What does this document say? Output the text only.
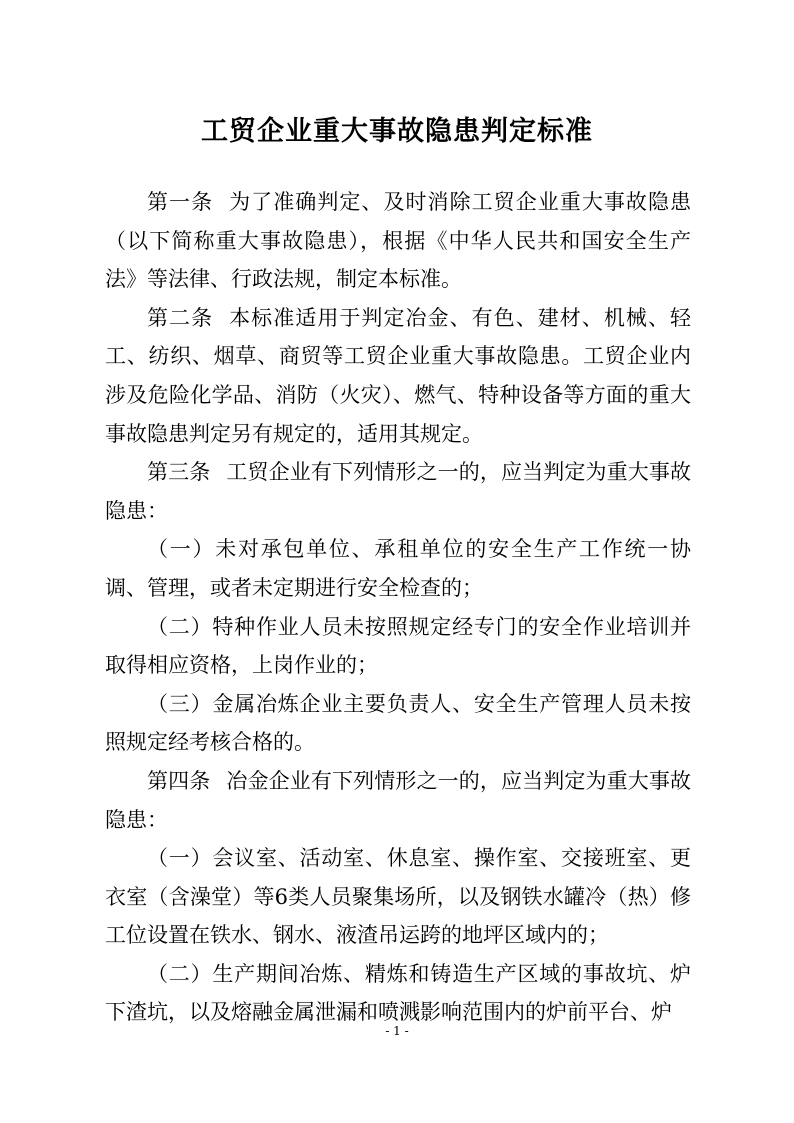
工贸企业重大事故隐患判定标准

第一条 为了准确判定、及时消除工贸企业重大事故隐患（以下简称重大事故隐患），根据《中华人民共和国安全生产法》等法律、行政法规，制定本标准。

第二条 本标准适用于判定冶金、有色、建材、机械、轻工、纺织、烟草、商贸等工贸企业重大事故隐患。工贸企业内涉及危险化学品、消防（火灾）、燃气、特种设备等方面的重大事故隐患判定另有规定的，适用其规定。

第三条 工贸企业有下列情形之一的，应当判定为重大事故隐患：

（一）未对承包单位、承租单位的安全生产工作统一协调、管理，或者未定期进行安全检查的；

（二）特种作业人员未按照规定经专门的安全作业培训并取得相应资格，上岗作业的；

（三）金属冶炼企业主要负责人、安全生产管理人员未按照规定经考核合格的。

第四条 冶金企业有下列情形之一的，应当判定为重大事故隐患：

（一）会议室、活动室、休息室、操作室、交接班室、更衣室（含澡堂）等6类人员聚集场所，以及钢铁水罐冷（热）修工位设置在铁水、钢水、液渣吊运跨的地坪区域内的；

（二）生产期间冶炼、精炼和铸造生产区域的事故坑、炉下渣坑，以及熔融金属泄漏和喷溅影响范围内的炉前平台、炉

- 1 -
